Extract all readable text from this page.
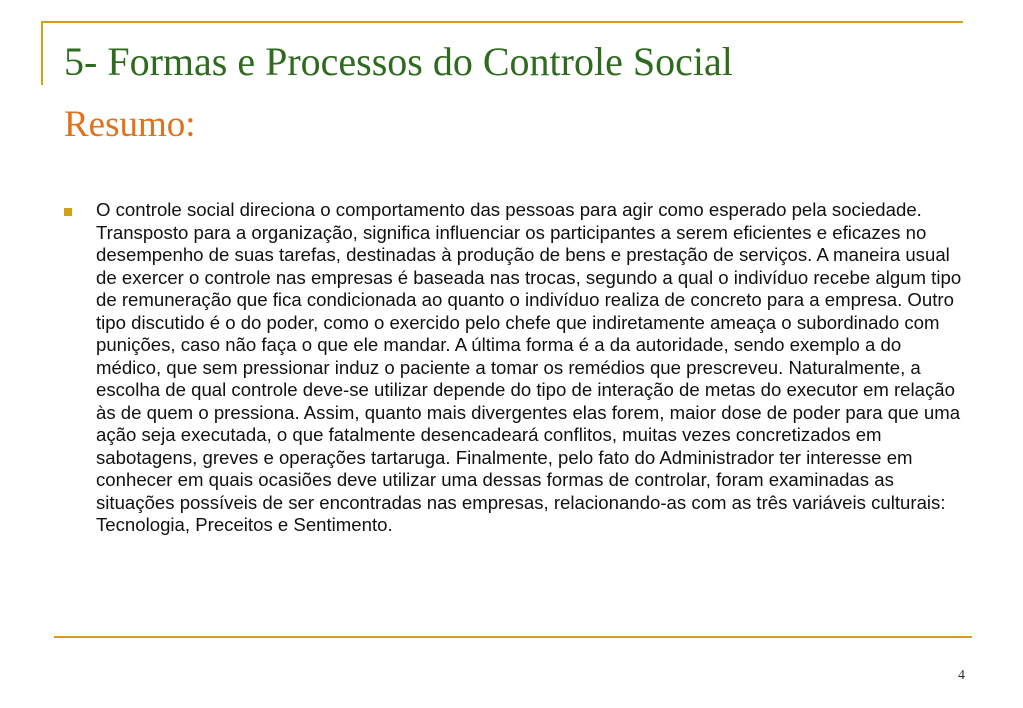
5- Formas e Processos do Controle Social
Resumo:

O controle social direciona o comportamento das pessoas para agir como esperado pela sociedade. Transposto para a organização, significa influenciar os participantes a serem eficientes e eficazes no desempenho de suas tarefas, destinadas à produção de bens e prestação de serviços. A maneira usual de exercer o controle nas empresas é baseada nas trocas, segundo a qual o indivíduo recebe algum tipo de remuneração que fica condicionada ao quanto o indivíduo realiza de concreto para a empresa. Outro tipo discutido é o do poder, como o exercido pelo chefe que indiretamente ameaça o subordinado com punições, caso não faça o que ele mandar. A última forma é a da autoridade, sendo exemplo a do médico, que sem pressionar induz o paciente a tomar os remédios que prescreveu. Naturalmente, a escolha de qual controle deve-se utilizar depende do tipo de interação de metas do executor em relação às de quem o pressiona. Assim, quanto mais divergentes elas forem, maior dose de poder para que uma ação seja executada, o que fatalmente desencadeará conflitos, muitas vezes concretizados em sabotagens, greves e operações tartaruga. Finalmente, pelo fato do Administrador ter interesse em conhecer em quais ocasiões deve utilizar uma dessas formas de controlar, foram examinadas as situações possíveis de ser encontradas nas empresas, relacionando-as com as três variáveis culturais: Tecnologia, Preceitos e Sentimento.

4
